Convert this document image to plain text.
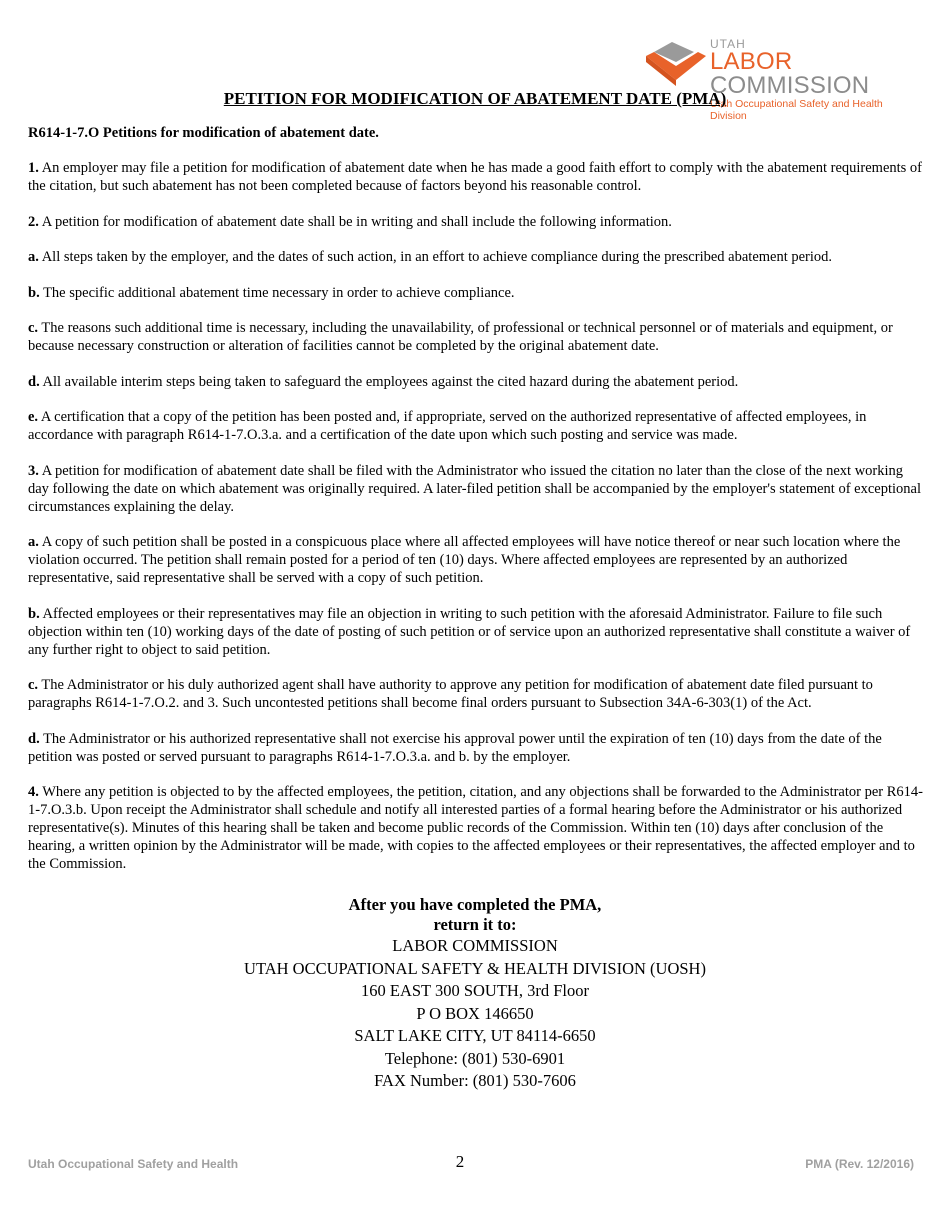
UTAH
LABOR COMMISSION
Utah Occupational Safety and Health Division
PETITION FOR MODIFICATION OF ABATEMENT DATE (PMA)
R614-1-7.O Petitions for modification of abatement date.

1. An employer may file a petition for modification of abatement date when he has made a good faith effort to comply with the abatement requirements of the citation, but such abatement has not been completed because of factors beyond his reasonable control.

2. A petition for modification of abatement date shall be in writing and shall include the following information.

a. All steps taken by the employer, and the dates of such action, in an effort to achieve compliance during the prescribed abatement period.

b. The specific additional abatement time necessary in order to achieve compliance.

c. The reasons such additional time is necessary, including the unavailability, of professional or technical personnel or of materials and equipment, or because necessary construction or alteration of facilities cannot be completed by the original abatement date.

d. All available interim steps being taken to safeguard the employees against the cited hazard during the abatement period.

e. A certification that a copy of the petition has been posted and, if appropriate, served on the authorized representative of affected employees, in accordance with paragraph R614-1-7.O.3.a. and a certification of the date upon which such posting and service was made.

3. A petition for modification of abatement date shall be filed with the Administrator who issued the citation no later than the close of the next working day following the date on which abatement was originally required. A later-filed petition shall be accompanied by the employer's statement of exceptional circumstances explaining the delay.

a. A copy of such petition shall be posted in a conspicuous place where all affected employees will have notice thereof or near such location where the violation occurred. The petition shall remain posted for a period of ten (10) days. Where affected employees are represented by an authorized representative, said representative shall be served with a copy of such petition.

b. Affected employees or their representatives may file an objection in writing to such petition with the aforesaid Administrator. Failure to file such objection within ten (10) working days of the date of posting of such petition or of service upon an authorized representative shall constitute a waiver of any further right to object to said petition.

c. The Administrator or his duly authorized agent shall have authority to approve any petition for modification of abatement date filed pursuant to paragraphs R614-1-7.O.2. and 3. Such uncontested petitions shall become final orders pursuant to Subsection 34A-6-303(1) of the Act.

d. The Administrator or his authorized representative shall not exercise his approval power until the expiration of ten (10) days from the date of the petition was posted or served pursuant to paragraphs R614-1-7.O.3.a. and b. by the employer.

4. Where any petition is objected to by the affected employees, the petition, citation, and any objections shall be forwarded to the Administrator per R614-1-7.O.3.b. Upon receipt the Administrator shall schedule and notify all interested parties of a formal hearing before the Administrator or his authorized representative(s). Minutes of this hearing shall be taken and become public records of the Commission. Within ten (10) days after conclusion of the hearing, a written opinion by the Administrator will be made, with copies to the affected employees or their representatives, the affected employer and to the Commission.

After you have completed the PMA,
return it to:
LABOR COMMISSION
UTAH OCCUPATIONAL SAFETY & HEALTH DIVISION (UOSH)
160 EAST 300 SOUTH, 3rd Floor
P O BOX 146650
SALT LAKE CITY, UT 84114-6650
Telephone: (801) 530-6901
FAX Number: (801) 530-7606
Utah Occupational Safety and Health	2	PMA (Rev. 12/2016)
